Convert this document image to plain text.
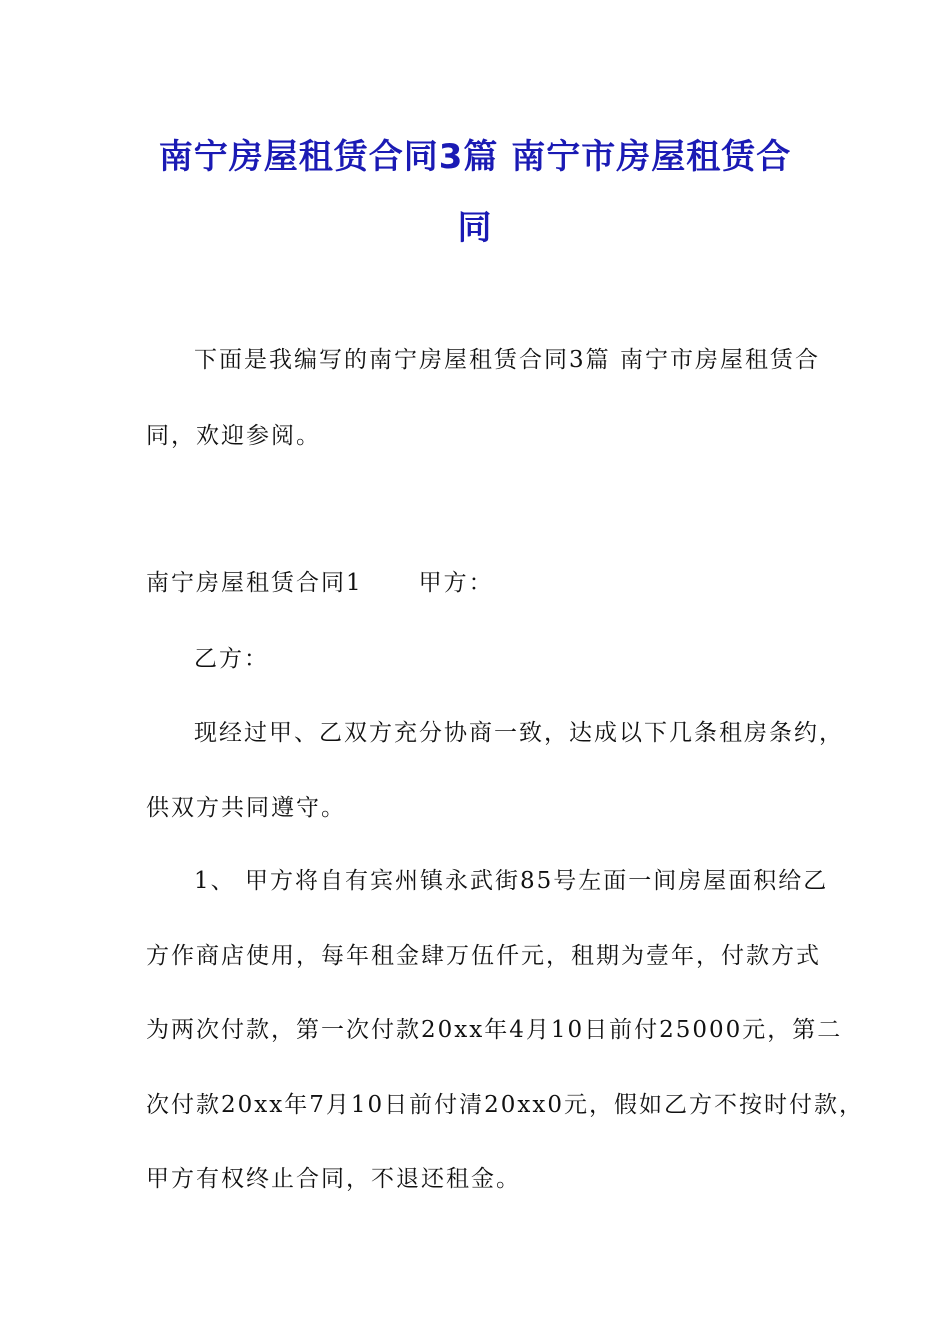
南宁房屋租赁合同3篇 南宁市房屋租赁合
同
下面是我编写的南宁房屋租赁合同3篇 南宁市房屋租赁合
同，欢迎参阅。
南宁房屋租赁合同1 甲方：
乙方：
现经过甲、乙双方充分协商一致，达成以下几条租房条约，
供双方共同遵守。
1、 甲方将自有宾州镇永武街85号左面一间房屋面积给乙
方作商店使用，每年租金肆万伍仟元，租期为壹年，付款方式
为两次付款，第一次付款20xx年4月10日前付25000元，第二
次付款20xx年7月10日前付清20xx0元，假如乙方不按时付款，
甲方有权终止合同，不退还租金。
